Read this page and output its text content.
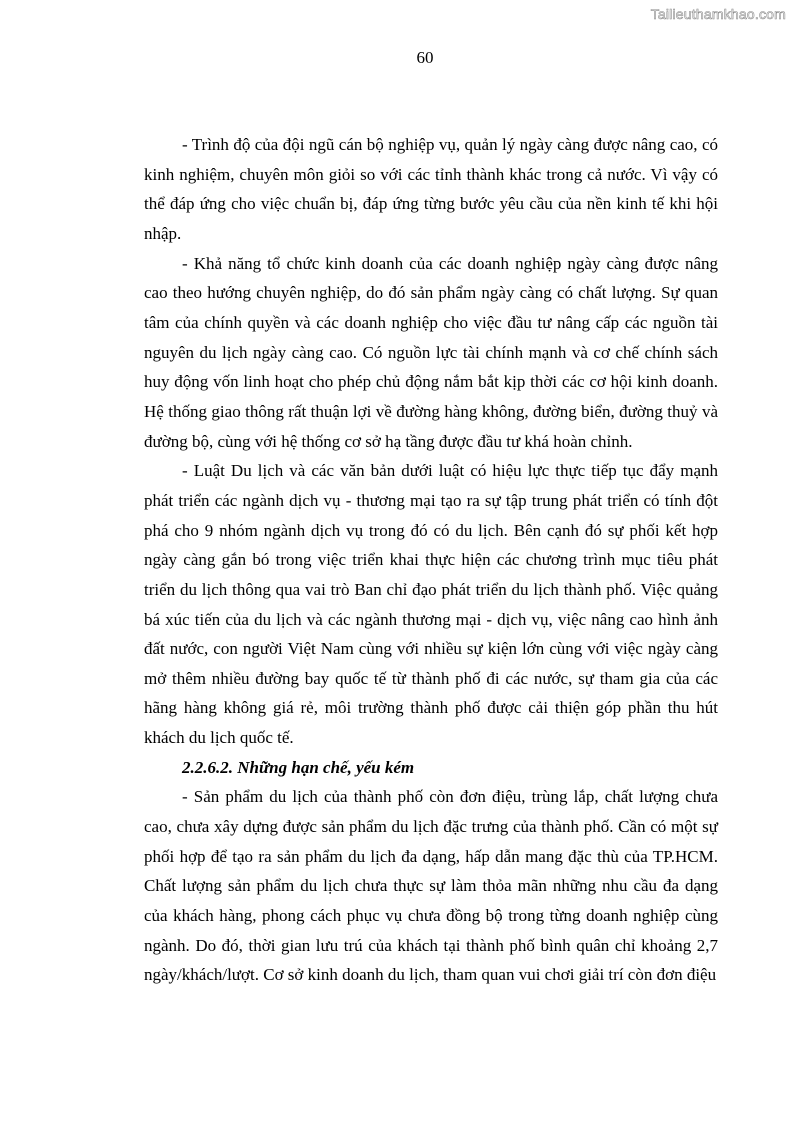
Tailieuthamkhao.com
60

- Trình độ của đội ngũ cán bộ nghiệp vụ, quản lý ngày càng được nâng cao, có kinh nghiệm, chuyên môn giỏi so với các tỉnh thành khác trong cả nước. Vì vậy có thể đáp ứng cho việc chuẩn bị, đáp ứng từng bước yêu cầu của nền kinh tế khi hội nhập.

- Khả năng tổ chức kinh doanh của các doanh nghiệp ngày càng được nâng cao theo hướng chuyên nghiệp, do đó sản phẩm ngày càng có chất lượng. Sự quan tâm của chính quyền và các doanh nghiệp cho việc đầu tư nâng cấp các nguồn tài nguyên du lịch ngày càng cao. Có nguồn lực tài chính mạnh và cơ chế chính sách huy động vốn linh hoạt cho phép chủ động nắm bắt kịp thời các cơ hội kinh doanh. Hệ thống giao thông rất thuận lợi về đường hàng không, đường biển, đường thuỷ và đường bộ, cùng với hệ thống cơ sở hạ tầng được đầu tư khá hoàn chỉnh.

- Luật Du lịch và các văn bản dưới luật có hiệu lực thực tiếp tục đẩy mạnh phát triển các ngành dịch vụ - thương mại tạo ra sự tập trung phát triển có tính đột phá cho 9 nhóm ngành dịch vụ trong đó có du lịch. Bên cạnh đó sự phối kết hợp ngày càng gắn bó trong việc triển khai thực hiện các chương trình mục tiêu phát triển du lịch thông qua vai trò Ban chỉ đạo phát triển du lịch thành phố. Việc quảng bá xúc tiến của du lịch và các ngành thương mại - dịch vụ, việc nâng cao hình ảnh đất nước, con người Việt Nam cùng với nhiều sự kiện lớn cùng với việc ngày càng mở thêm nhiều đường bay quốc tế từ thành phố đi các nước, sự tham gia của các hãng hàng không giá rẻ, môi trường thành phố được cải thiện góp phần thu hút khách du lịch quốc tế.

2.2.6.2. Những hạn chế, yếu kém

- Sản phẩm du lịch của thành phố còn đơn điệu, trùng lắp, chất lượng chưa cao, chưa xây dựng được sản phẩm du lịch đặc trưng của thành phố. Cần có một sự phối hợp để tạo ra sản phẩm du lịch đa dạng, hấp dẫn mang đặc thù của TP.HCM. Chất lượng sản phẩm du lịch chưa thực sự làm thỏa mãn những nhu cầu đa dạng của khách hàng, phong cách phục vụ chưa đồng bộ trong từng doanh nghiệp cùng ngành. Do đó, thời gian lưu trú của khách tại thành phố bình quân chỉ khoảng 2,7 ngày/khách/lượt. Cơ sở kinh doanh du lịch, tham quan vui chơi giải trí còn đơn điệu
